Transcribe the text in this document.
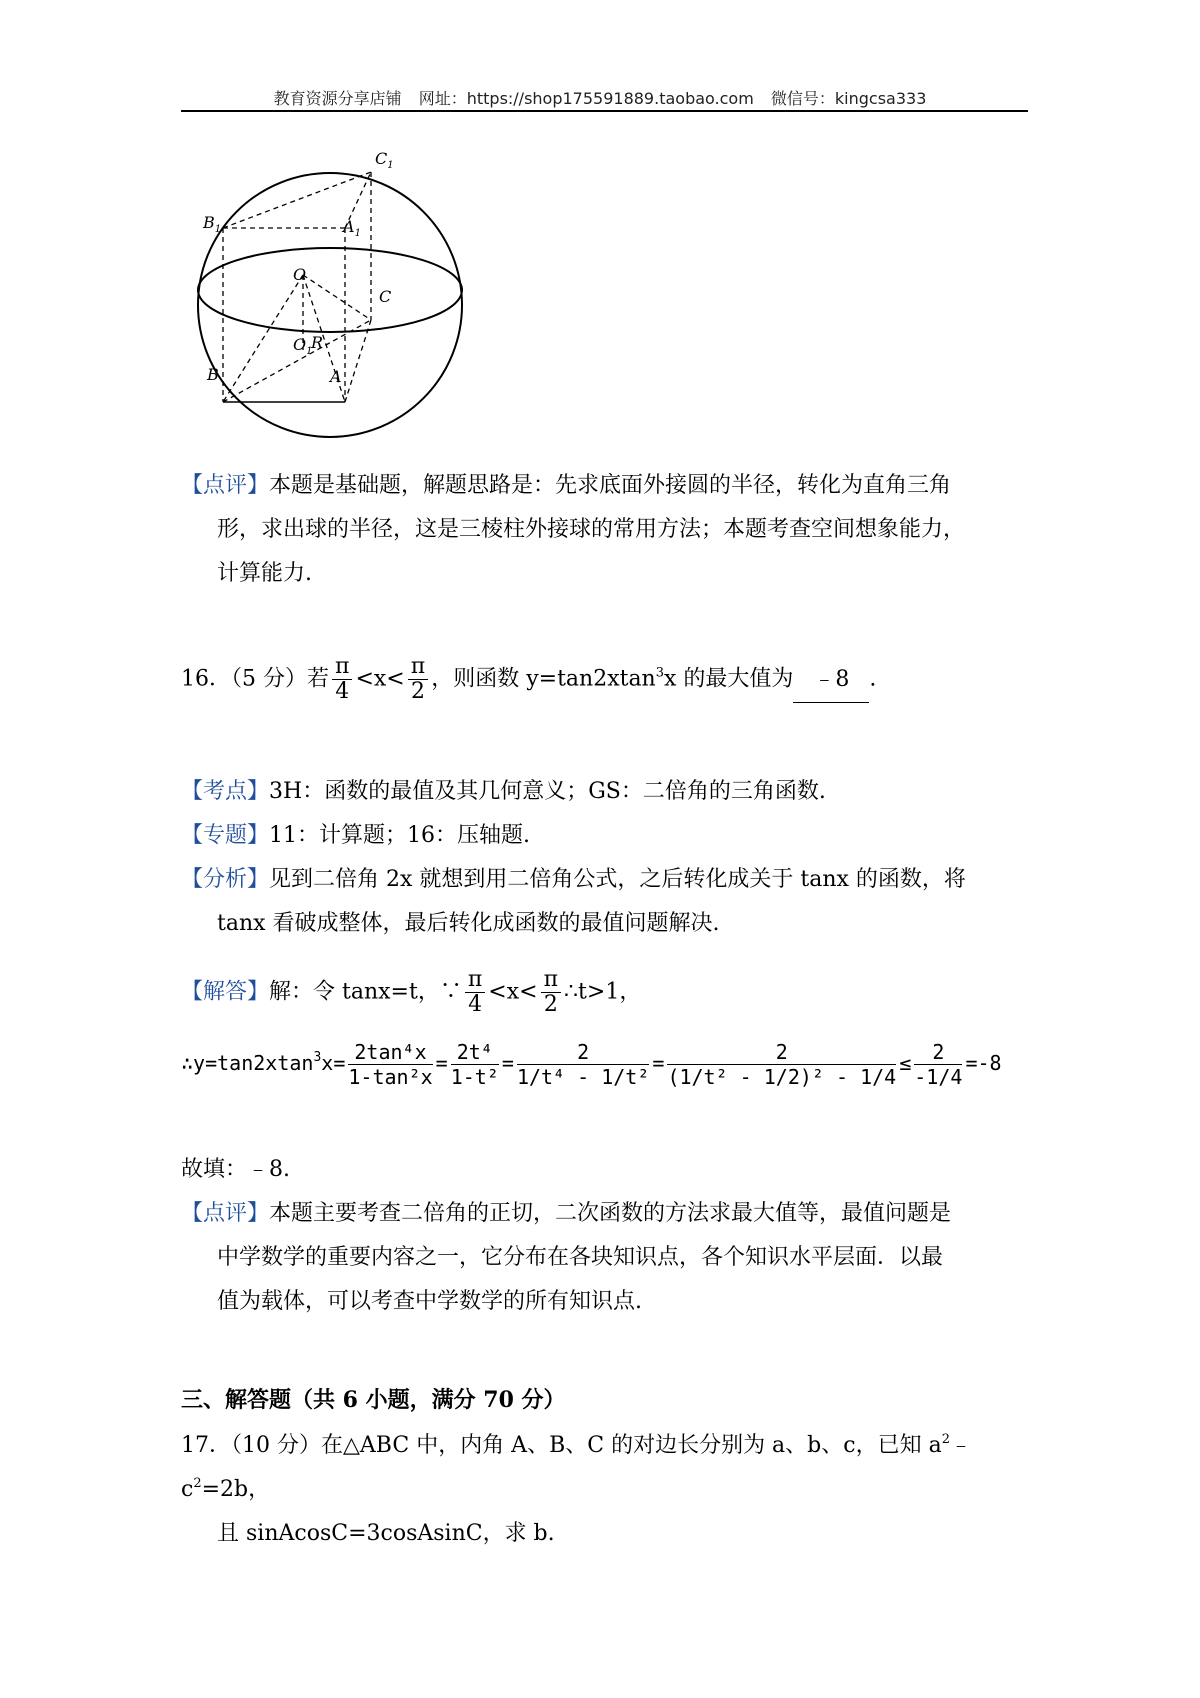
教育资源分享店铺 网址：https://shop175591889.taobao.com 微信号：kingcsa333
$C_1$
$B_1$	$A_1$
O
C
$O_1$
R
B	A
【点评】本题是基础题，解题思路是：先求底面外接圆的半径，转化为直角三角
形，求出球的半径，这是三棱柱外接球的常用方法；本题考查空间想象能力，
计算能力.
16．（5 分）若 $\frac{\pi}{4} <x< \frac{\pi}{2}$ ，则函数 y=tan2xtan$^3$x 的最大值为 ﹣8 .
【考点】3H：函数的最值及其几何意义；GS：二倍角的三角函数.
【专题】11：计算题；16：压轴题.
【分析】见到二倍角 2x 就想到用二倍角公式，之后转化成关于 tanx 的函数，将
tanx 看破成整体，最后转化成函数的最值问题解决.
【解答】解：令 tanx=t，∵ $\frac{\pi}{4} <x< \frac{\pi}{2}$ ∴t>1，
∴y=tan2xtan$^3$x= $\frac{\text{2tan⁴x}}{\text{1-tan²x}} = \frac{\text{2t⁴}}{\text{1-t²}} = \frac{2}{\text{1/t⁴ - 1/t²}} = \frac{2}{\text{(1/t² - 1/2)² - 1/4}} \le \frac{2}{-1/4} =-8$
故填：﹣8.
【点评】本题主要考查二倍角的正切，二次函数的方法求最大值等，最值问题是
中学数学的重要内容之一，它分布在各块知识点，各个知识水平层面．以最
值为载体，可以考查中学数学的所有知识点.
三、解答题（共 6 小题，满分 70 分）
17．（10 分）在△ABC 中，内角 A、B、C 的对边长分别为 a、b、c，已知 $a^2﹣c^2=2b$，
且 sinAcosC=3cosAsinC，求 b.
